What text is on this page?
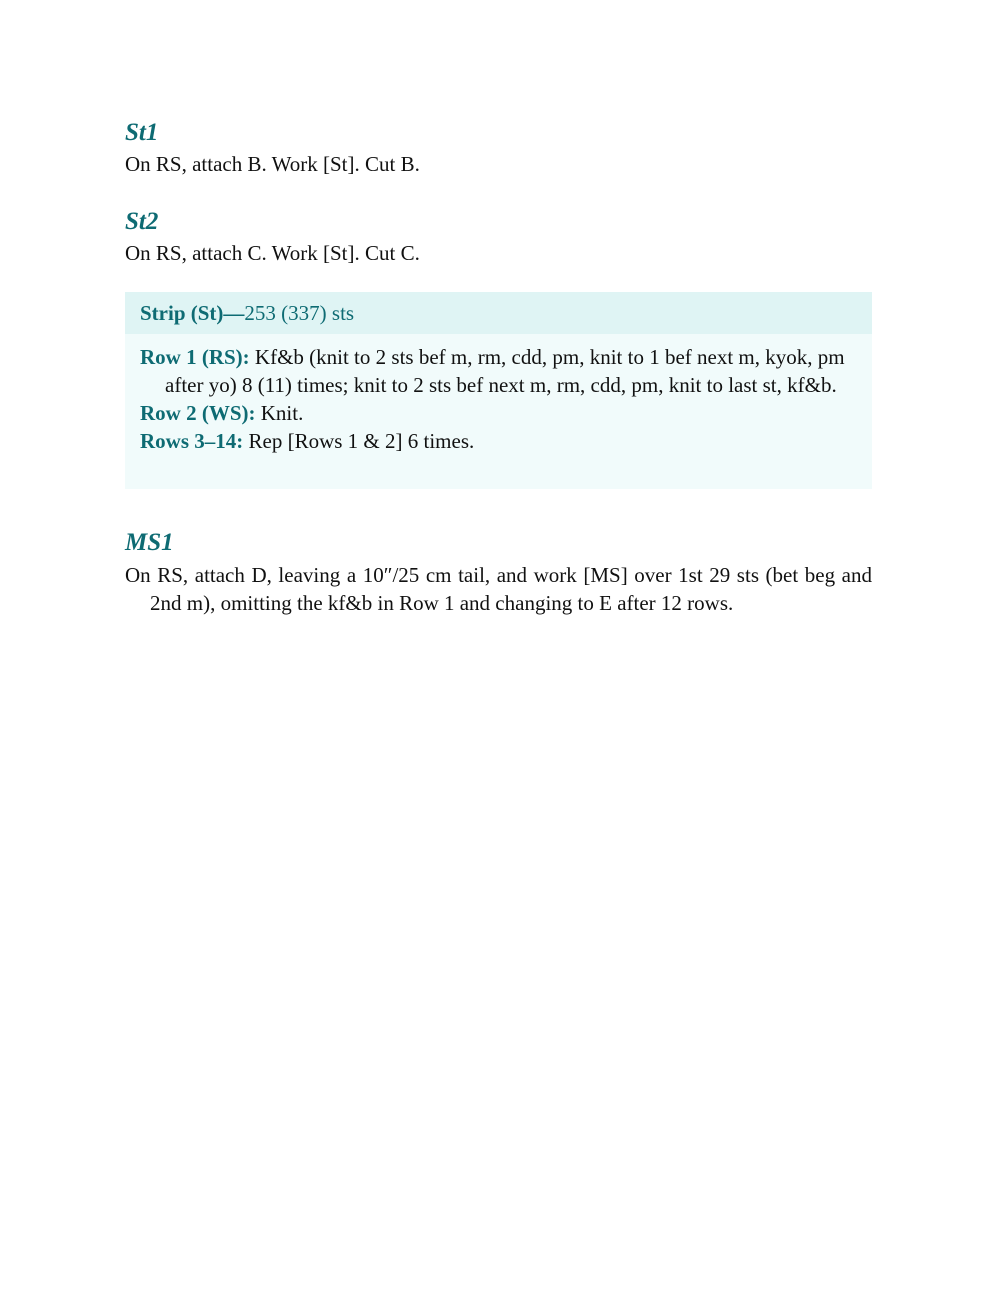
St1

On RS, attach B. Work [St]. Cut B.

St2

On RS, attach C. Work [St]. Cut C.

Strip (St)—253 (337) sts

Row 1 (RS): Kf&b (knit to 2 sts bef m, rm, cdd, pm, knit to 1 bef next m, kyok, pm after yo) 8 (11) times; knit to 2 sts bef next m, rm, cdd, pm, knit to last st, kf&b.

Row 2 (WS): Knit.

Rows 3–14: Rep [Rows 1 & 2] 6 times.

MS1

On RS, attach D, leaving a 10″/25 cm tail, and work [MS] over 1st 29 sts (bet beg and 2nd m), omitting the kf&b in Row 1 and changing to E after 12 rows.
